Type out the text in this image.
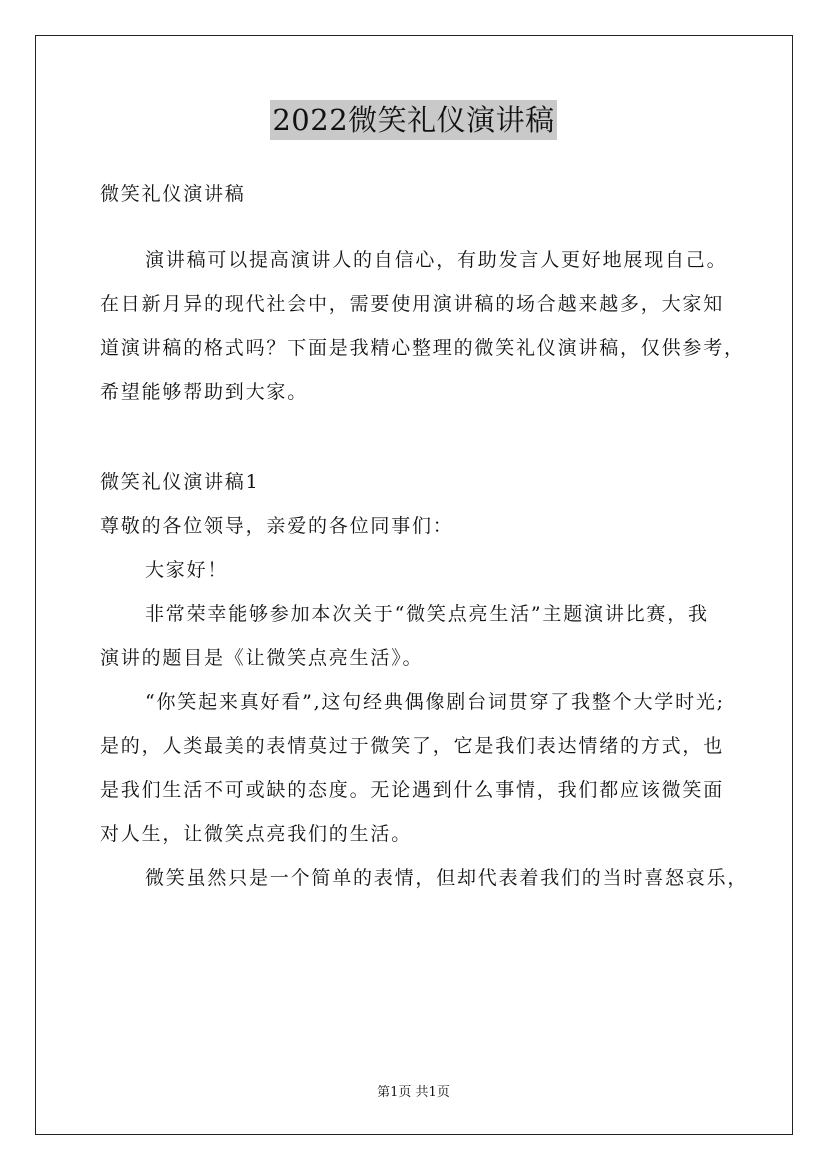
2022微笑礼仪演讲稿
微笑礼仪演讲稿
演讲稿可以提高演讲人的自信心，有助发言人更好地展现自己。
在日新月异的现代社会中，需要使用演讲稿的场合越来越多，大家知
道演讲稿的格式吗？下面是我精心整理的微笑礼仪演讲稿，仅供参考，
希望能够帮助到大家。
微笑礼仪演讲稿1
尊敬的各位领导，亲爱的各位同事们：
大家好！
非常荣幸能够参加本次关于“微笑点亮生活”主题演讲比赛，我
演讲的题目是《让微笑点亮生活》。
“你笑起来真好看”,这句经典偶像剧台词贯穿了我整个大学时光;
是的，人类最美的表情莫过于微笑了，它是我们表达情绪的方式，也
是我们生活不可或缺的态度。无论遇到什么事情，我们都应该微笑面
对人生，让微笑点亮我们的生活。
微笑虽然只是一个简单的表情，但却代表着我们的当时喜怒哀乐，
第1页 共1页
